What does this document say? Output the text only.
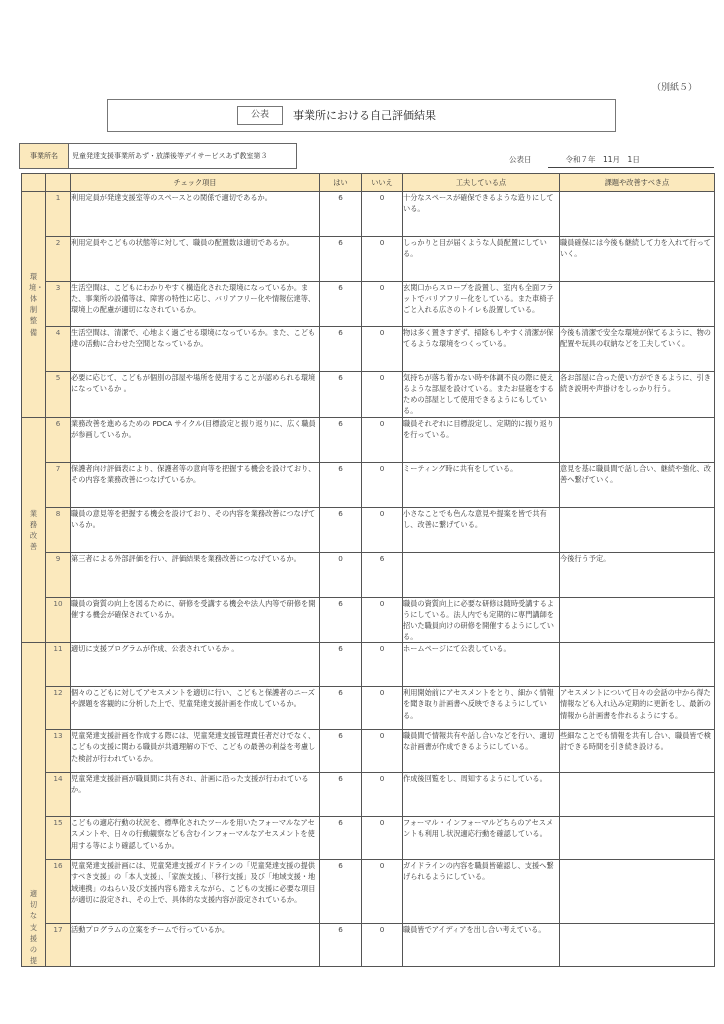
（別紙５）
公表	事業所における自己評価結果
事業所名	児童発達支援事業所あず・放課後等デイサービスあず教室第３	公表日	令和７年　11月　1日
		チェック項目	はい	いいえ	工夫している点	課題や改善すべき点
環境・体制整備	1	利用定員が発達支援室等のスペースとの関係で適切であるか。	6	0	十分なスペースが確保できるような造りにしている。	
	2	利用定員やこどもの状態等に対して、職員の配置数は適切であるか。	6	0	しっかりと目が届くような人員配置にしている。	職員確保には今後も継続して力を入れて行っていく。
	3	生活空間は、こどもにわかりやすく構造化された環境になっているか。また、事業所の設備等は、障害の特性に応じ、バリアフリー化や情報伝達等、環境上の配慮が適切になされているか。	6	0	玄関口からスロープを設置し、室内も全面フラットでバリアフリー化をしている。また車椅子ごと入れる広さのトイレも設置している。	
	4	生活空間は、清潔で、心地よく過ごせる環境になっているか。また、こども達の活動に合わせた空間となっているか。	6	0	物は多く置きすぎず、掃除もしやすく清潔が保てるような環境をつくっている。	今後も清潔で安全な環境が保てるように、物の配置や玩具の収納などを工夫していく。
	5	必要に応じて、こどもが個別の部屋や場所を使用することが認められる環境になっているか 。	6	0	気持ちが落ち着かない時や体調不良の際に使えるような部屋を設けている。またお昼寝をするための部屋として使用できるようにもしている。	各お部屋に合った使い方ができるように、引き続き説明や声掛けをしっかり行う。
業務改善	6	業務改善を進めるための PDCA サイクル(目標設定と振り返り)に、広く職員が参画しているか。	6	0	職員それぞれに目標設定し、定期的に振り返りを行っている。	
	7	保護者向け評価表により、保護者等の意向等を把握する機会を設けており、その内容を業務改善につなげているか。	6	0	ミーティング時に共有をしている。	意見を基に職員間で話し合い、継続や強化、改善へ繋げていく。
	8	職員の意見等を把握する機会を設けており、その内容を業務改善につなげているか。	6	0	小さなことでも色んな意見や提案を皆で共有し、改善に繋げている。	
	9	第三者による外部評価を行い、評価結果を業務改善につなげているか。	0	6		今後行う予定。
	10	職員の資質の向上を図るために、研修を受講する機会や法人内等で研修を開催する機会が確保されているか。	6	0	職員の資質向上に必要な研修は随時受講するようにしている。法人内でも定期的に専門講師を招いた職員向けの研修を開催するようにしている。	
適切な支援の提	11	適切に支援プログラムが作成、公表されているか 。	6	0	ホームページにて公表している。	
	12	個々のこどもに対してアセスメントを適切に行い、こどもと保護者のニーズや課題を客観的に分析した上で、児童発達支援計画を作成しているか。	6	0	利用開始前にアセスメントをとり、細かく情報を聞き取り計画書へ反映できるようにしている。	アセスメントについて日々の会話の中から得た情報なども入れ込み定期的に更新をし、最新の情報から計画書を作れるようにする。
	13	児童発達支援計画を作成する際には、児童発達支援管理責任者だけでなく、こどもの支援に関わる職員が共通理解の下で、こどもの最善の利益を考慮した検討が行われているか。	6	0	職員間で情報共有や話し合いなどを行い、適切な計画書が作成できるようにしている。	些細なことでも情報を共有し合い、職員皆で検討できる時間を引き続き設ける。
	14	児童発達支援計画が職員間に共有され、計画に沿った支援が行われているか。	6	0	作成後回覧をし、周知するようにしている。	
	15	こどもの適応行動の状況を、標準化されたツールを用いたフォーマルなアセスメントや、日々の行動観察なども含むインフォーマルなアセスメントを使用する等により確認しているか。	6	0	フォーマル・インフォーマルどちらのアセスメントも利用し状況適応行動を確認している。	
	16	児童発達支援計画には、児童発達支援ガイドラインの「児童発達支援の提供すべき支援」の「本人支援」、「家族支援」、「移行支援」及び「地域支援・地域連携」のねらい及び支援内容も踏まえながら、こどもの支援に必要な項目が適切に設定され、その上で、具体的な支援内容が設定されているか。	6	0	ガイドラインの内容を職員皆確認し、支援へ繋げられるようにしている。	
	17	活動プログラムの立案をチームで行っているか。	6	0	職員皆でアイディアを出し合い考えている。	
